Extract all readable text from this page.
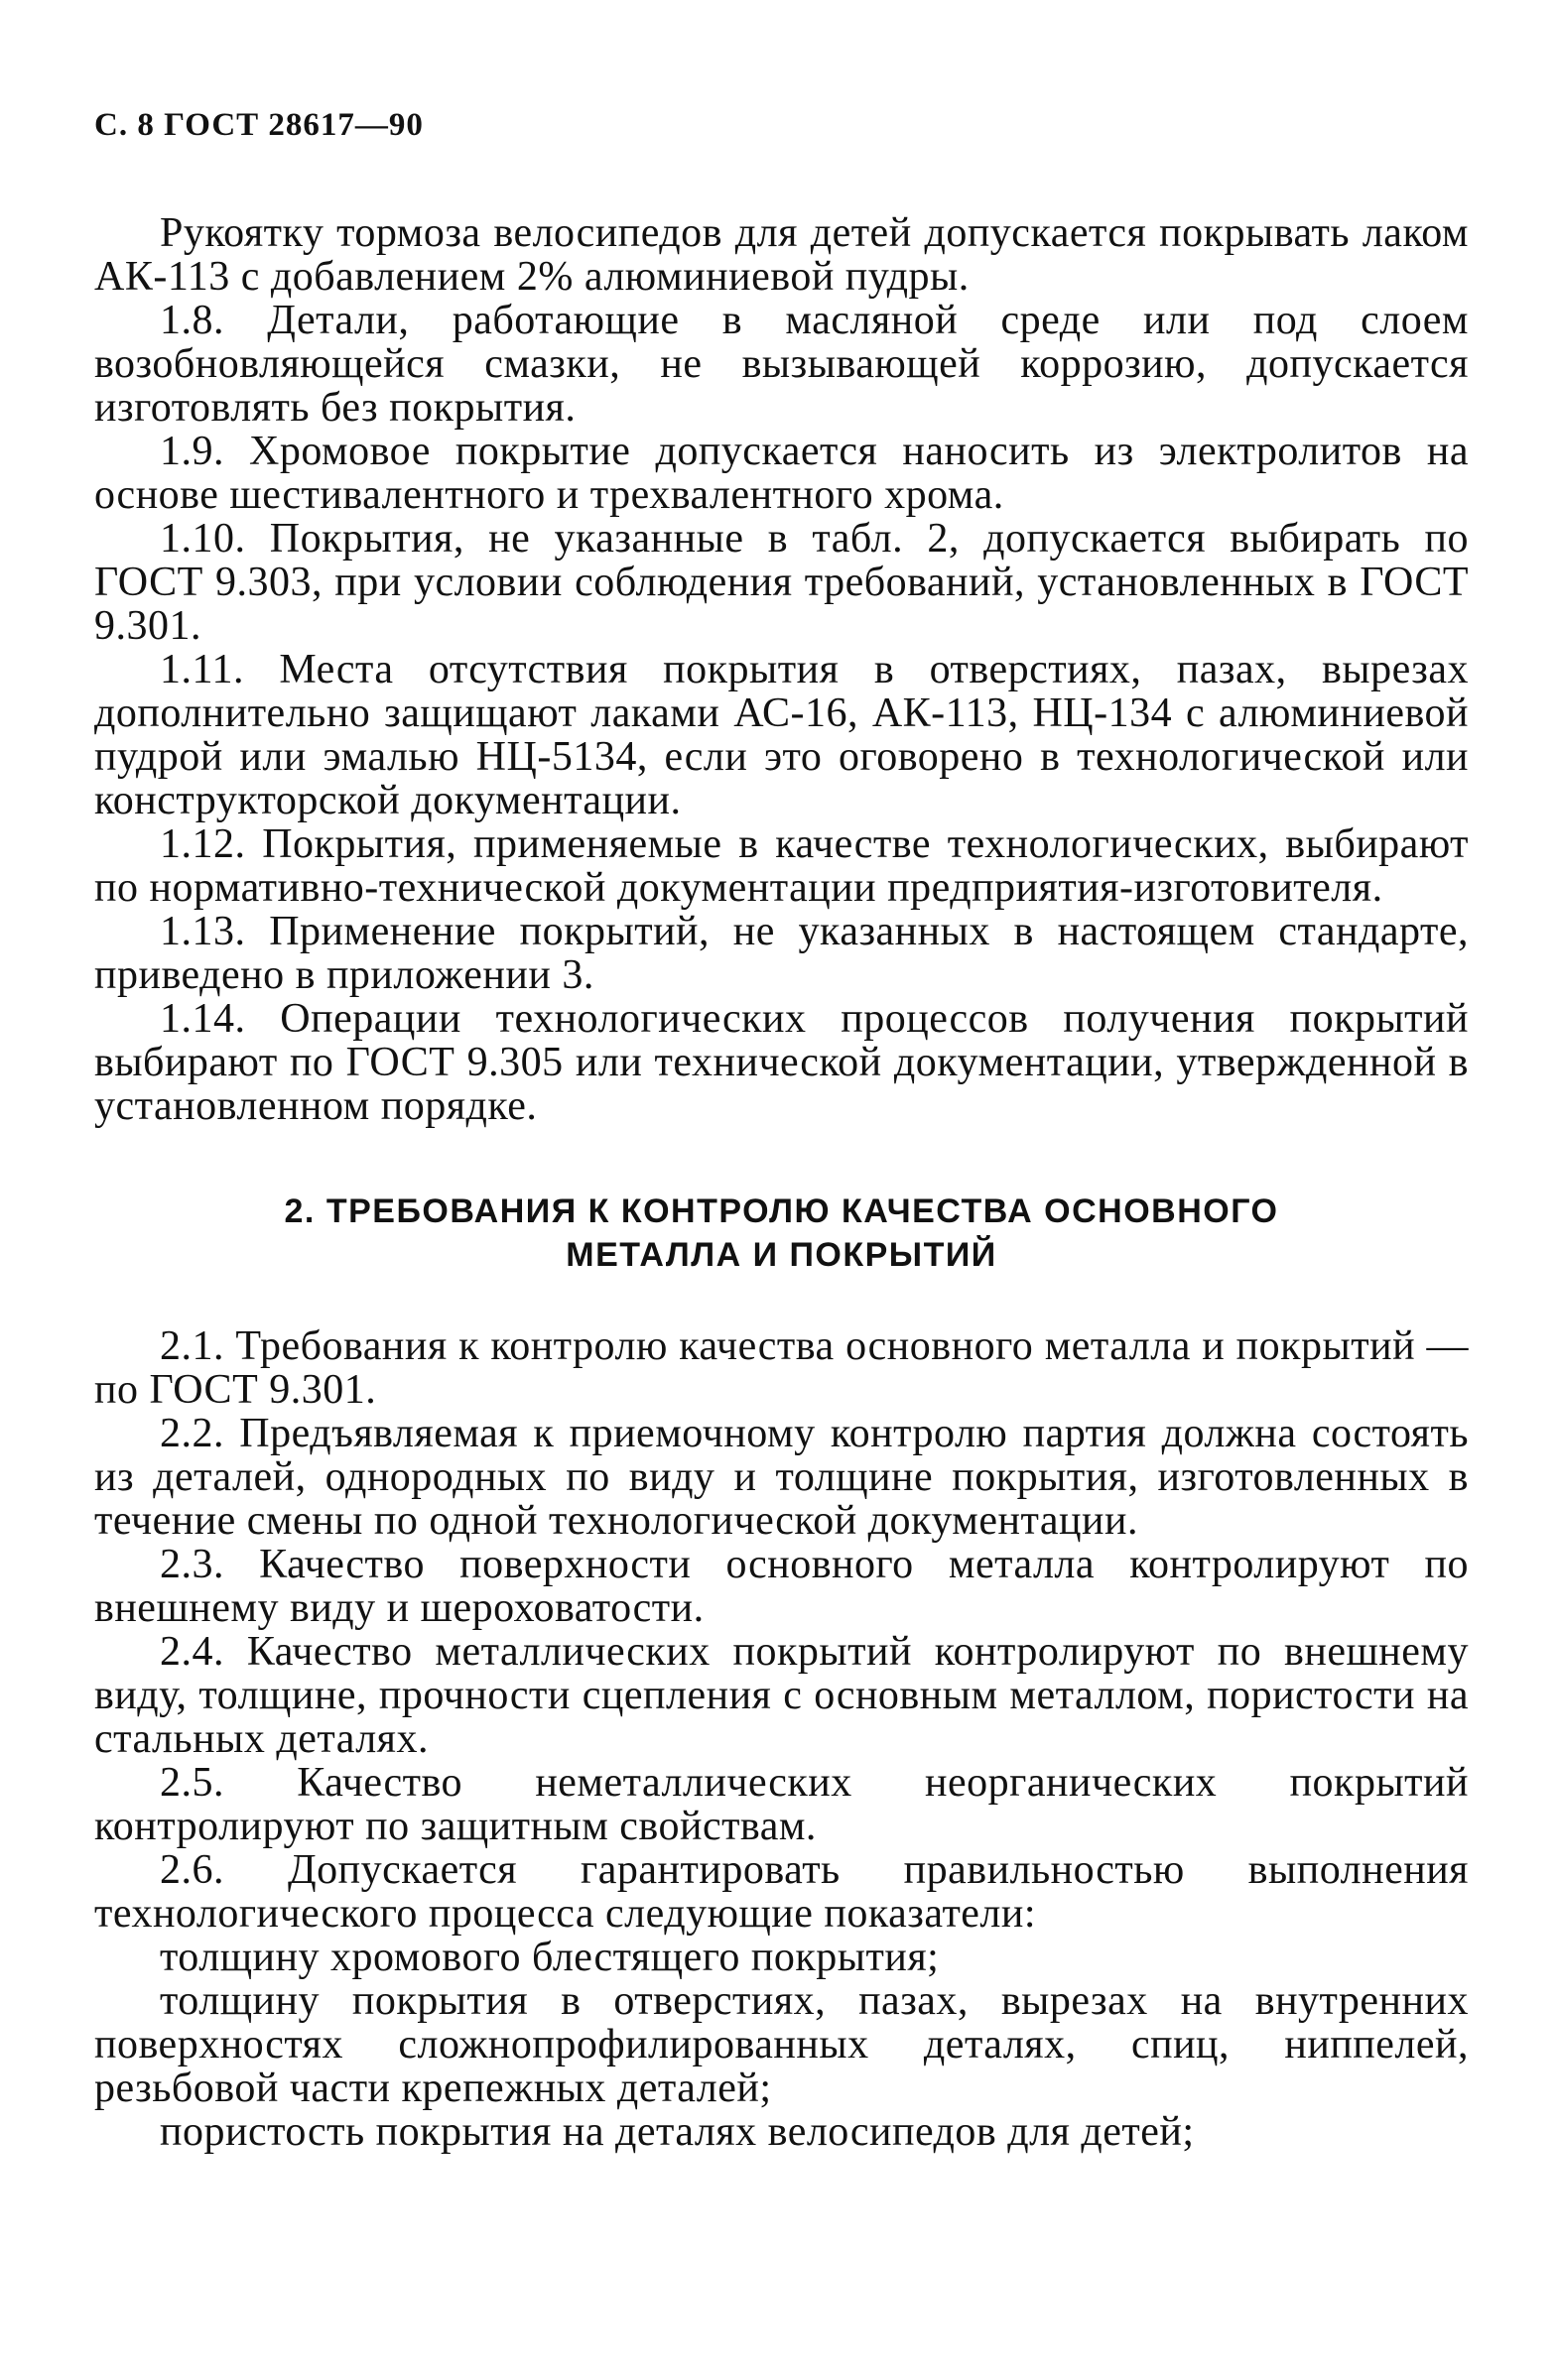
С. 8 ГОСТ 28617—90

Рукоятку тормоза велосипедов для детей допускается покрывать лаком АК-113 с добавлением 2% алюминиевой пудры.

1.8. Детали, работающие в масляной среде или под слоем возобновляющейся смазки, не вызывающей коррозию, допускается изготовлять без покрытия.

1.9. Хромовое покрытие допускается наносить из электролитов на основе шестивалентного и трехвалентного хрома.

1.10. Покрытия, не указанные в табл. 2, допускается выбирать по ГОСТ 9.303, при условии соблюдения требований, установленных в ГОСТ 9.301.

1.11. Места отсутствия покрытия в отверстиях, пазах, вырезах дополнительно защищают лаками АС-16, АК-113, НЦ-134 с алюминиевой пудрой или эмалью НЦ-5134, если это оговорено в технологической или конструкторской документации.

1.12. Покрытия, применяемые в качестве технологических, выбирают по нормативно-технической документации предприятия-изготовителя.

1.13. Применение покрытий, не указанных в настоящем стандарте, приведено в приложении 3.

1.14. Операции технологических процессов получения покрытий выбирают по ГОСТ 9.305 или технической документации, утвержденной в установленном порядке.

2. ТРЕБОВАНИЯ К КОНТРОЛЮ КАЧЕСТВА ОСНОВНОГО
МЕТАЛЛА И ПОКРЫТИЙ

2.1. Требования к контролю качества основного металла и покрытий — по ГОСТ 9.301.

2.2. Предъявляемая к приемочному контролю партия должна состоять из деталей, однородных по виду и толщине покрытия, изготовленных в течение смены по одной технологической документации.

2.3. Качество поверхности основного металла контролируют по внешнему виду и шероховатости.

2.4. Качество металлических покрытий контролируют по внешнему виду, толщине, прочности сцепления с основным металлом, пористости на стальных деталях.

2.5. Качество неметаллических неорганических покрытий контролируют по защитным свойствам.

2.6. Допускается гарантировать правильностью выполнения технологического процесса следующие показатели:

толщину хромового блестящего покрытия;

толщину покрытия в отверстиях, пазах, вырезах на внутренних поверхностях сложнопрофилированных деталях, спиц, ниппелей, резьбовой части крепежных деталей;

пористость покрытия на деталях велосипедов для детей;
